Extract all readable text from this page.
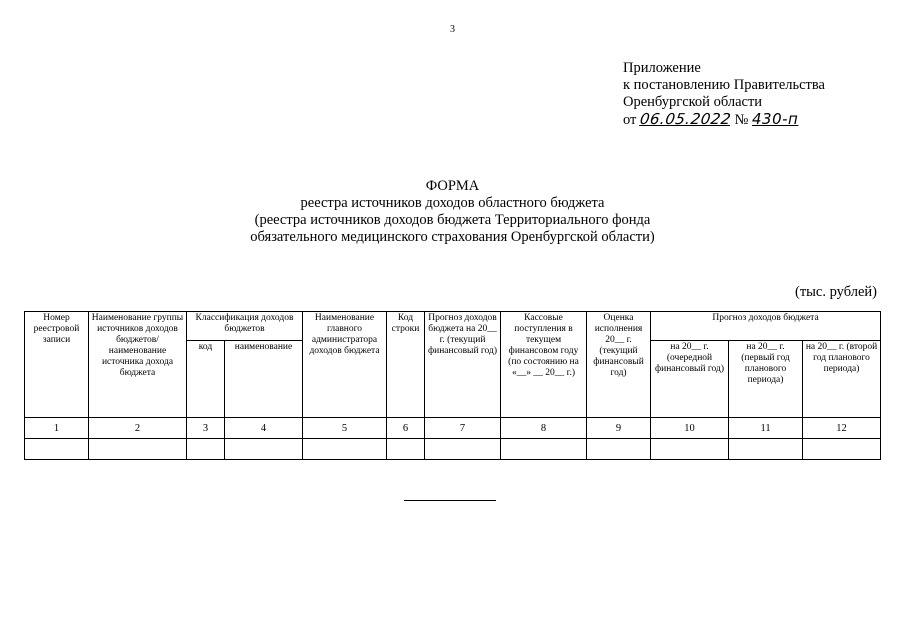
3
Приложение
к постановлению Правительства
Оренбургской области
от 06.05.2022 № 430-п
ФОРМА
реестра источников доходов областного бюджета
(реестра источников доходов бюджета Территориального фонда
обязательного медицинского страхования Оренбургской области)
(тыс. рублей)
Номер реестровой записи	Наименование группы источников доходов бюджетов/ наименование источника дохода бюджета	Классификация доходов бюджетов		Наименование главного администратора доходов бюджета	Код строки	Прогноз доходов бюджета на 20__ г. (текущий финансовый год)	Кассовые поступления в текущем финансовом году (по состоянию на «__» __ 20__ г.)	Оценка исполнения 20__ г. (текущий финансовый год)	Прогноз доходов бюджета		
		код	наименование						на 20__ г. (очередной финансовый год)	на 20__ г. (первый год планового периода)	на 20__ г. (второй год планового периода)
1	2	3	4	5	6	7	8	9	10	11	12
